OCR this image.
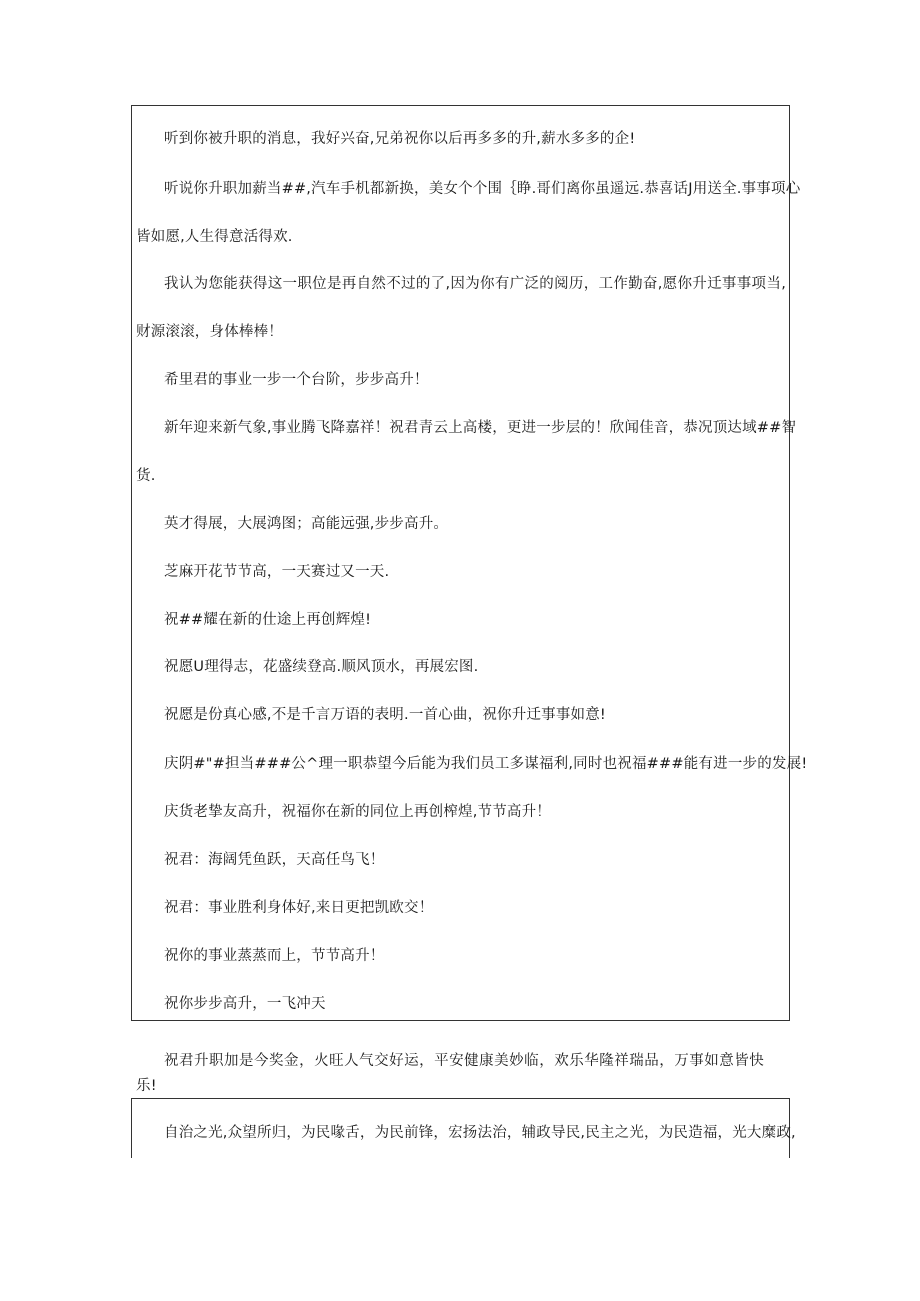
听到你被升职的消息，我好兴奋,兄弟祝你以后再多多的升,薪水多多的企!
听说你升职加薪当##,汽车手机都新换，美女个个围｛睁.哥们离你虽遥远.恭喜话J用送全.事事项心
皆如愿,人生得意活得欢.
我认为您能获得这一职位是再自然不过的了,因为你有广泛的阅历，工作勤奋,愿你升迁事事项当,
财源滚滚，身体棒棒！
希里君的事业一步一个台阶，步步高升！
新年迎来新气象,事业腾飞降嘉祥！祝君青云上高楼，更进一步层的！欣闻佳音，恭况顶达域##智
货.
英才得展，大展鸿图；高能远强,步步高升。
芝麻开花节节高，一天赛过又一天.
祝##耀在新的仕途上再创辉煌!
祝愿U理得志，花盛续登高.顺风顶水，再展宏图.
祝愿是份真心感,不是千言万语的表明.一首心曲，祝你升迁事事如意!
庆阴#"#担当###公^理一职恭望今后能为我们员工多谋福利,同时也祝福###能有进一步的发展!
庆货老挚友高升，祝福你在新的同位上再创榨煌,节节高升！
祝君：海阔凭鱼跃，天高任鸟飞！
祝君：事业胜利身体好,来日更把凯欧交！
祝你的事业蒸蒸而上，节节高升！
祝你步步高升，一飞冲天
祝君升职加是今奖金，火旺人气交好运，平安健康美妙临，欢乐华隆祥瑞品，万事如意皆快
乐!
自治之光,众望所归，为民喙舌，为民前锋，宏扬法治，辅政导民,民主之光，为民造福，光大糜政,
